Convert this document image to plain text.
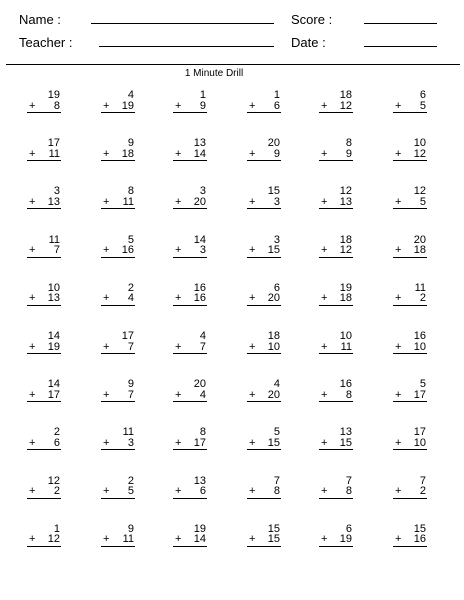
Name :
Teacher :
Score :
Date :
1 Minute Drill
19
+ 8
4
+ 19
1
+ 9
1
+ 6
18
+ 12
6
+ 5
17
+ 11
9
+ 18
13
+ 14
20
+ 9
8
+ 9
10
+ 12
3
+ 13
8
+ 11
3
+ 20
15
+ 3
12
+ 13
12
+ 5
11
+ 7
5
+ 16
14
+ 3
3
+ 15
18
+ 12
20
+ 18
10
+ 13
2
+ 4
16
+ 16
6
+ 20
19
+ 18
11
+ 2
14
+ 19
17
+ 7
4
+ 7
18
+ 10
10
+ 11
16
+ 10
14
+ 17
9
+ 7
20
+ 4
4
+ 20
16
+ 8
5
+ 17
2
+ 6
11
+ 3
8
+ 17
5
+ 15
13
+ 15
17
+ 10
12
+ 2
2
+ 5
13
+ 6
7
+ 8
7
+ 8
7
+ 2
1
+ 12
9
+ 11
19
+ 14
15
+ 15
6
+ 19
15
+ 16
